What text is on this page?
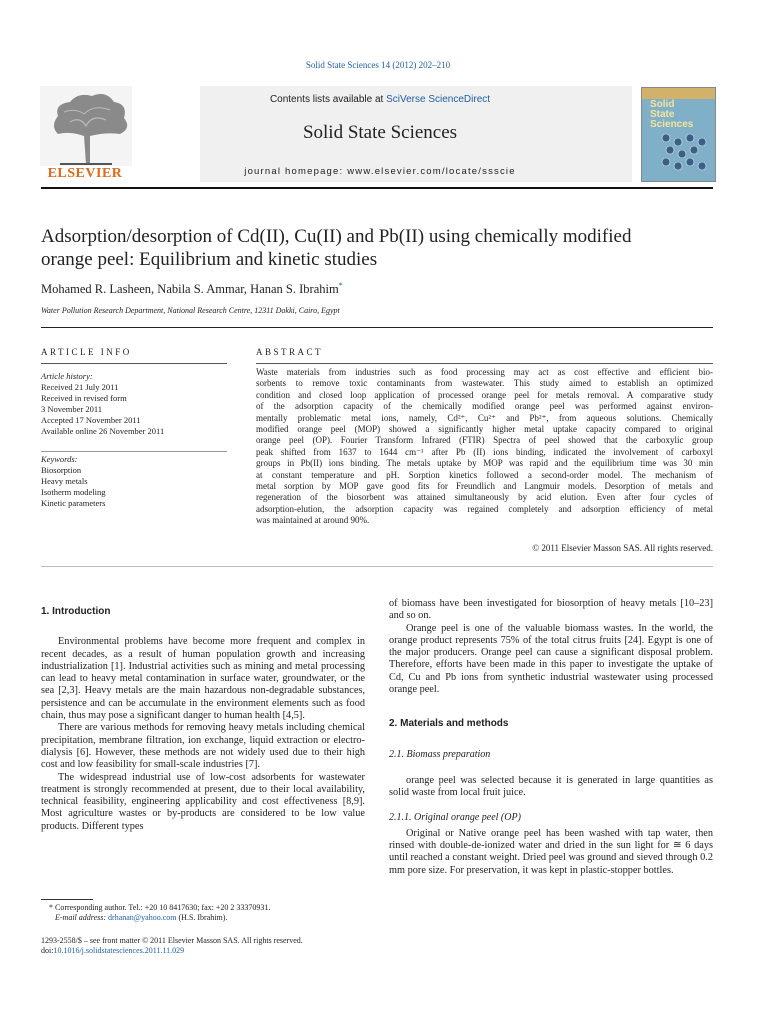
Solid State Sciences 14 (2012) 202–210
ELSEVIER
Contents lists available at SciVerse ScienceDirect
Solid State Sciences
journal homepage: www.elsevier.com/locate/ssscie
Solid
State
Sciences
Adsorption/desorption of Cd(II), Cu(II) and Pb(II) using chemically modified
orange peel: Equilibrium and kinetic studies
Mohamed R. Lasheen, Nabila S. Ammar, Hanan S. Ibrahim*
Water Pollution Research Department, National Research Centre, 12311 Dokki, Cairo, Egypt
ARTICLE INFO
Article history:
Received 21 July 2011
Received in revised form
3 November 2011
Accepted 17 November 2011
Available online 26 November 2011
Keywords:
Biosorption
Heavy metals
Isotherm modeling
Kinetic parameters
ABSTRACT
Waste materials from industries such as food processing may act as cost effective and efficient bio-
sorbents to remove toxic contaminants from wastewater. This study aimed to establish an optimized
condition and closed loop application of processed orange peel for metals removal. A comparative study
of the adsorption capacity of the chemically modified orange peel was performed against environ-
mentally problematic metal ions, namely, Cd²⁺, Cu²⁺ and Pb²⁺, from aqueous solutions. Chemically
modified orange peel (MOP) showed a significantly higher metal uptake capacity compared to original
orange peel (OP). Fourier Transform Infrared (FTIR) Spectra of peel showed that the carboxylic group
peak shifted from 1637 to 1644 cm⁻¹ after Pb (II) ions binding, indicated the involvement of carboxyl
groups in Pb(II) ions binding. The metals uptake by MOP was rapid and the equilibrium time was 30 min
at constant temperature and pH. Sorption kinetics followed a second-order model. The mechanism of
metal sorption by MOP gave good fits for Freundlich and Langmuir models. Desorption of metals and
regeneration of the biosorbent was attained simultaneously by acid elution. Even after four cycles of
adsorption-elution, the adsorption capacity was regained completely and adsorption efficiency of metal
was maintained at around 90%.
© 2011 Elsevier Masson SAS. All rights reserved.
1. Introduction

Environmental problems have become more frequent and complex in recent decades, as a result of human population growth and increasing industrialization [1]. Industrial activities such as mining and metal processing can lead to heavy metal contamination in surface water, groundwater, or the sea [2,3]. Heavy metals are the main hazardous non-degradable substances, persistence and can be accumulate in the environment elements such as food chain, thus may pose a significant danger to human health [4,5].

There are various methods for removing heavy metals including chemical precipitation, membrane filtration, ion exchange, liquid extraction or electro-dialysis [6]. However, these methods are not widely used due to their high cost and low feasibility for small-scale industries [7].

The widespread industrial use of low-cost adsorbents for wastewater treatment is strongly recommended at present, due to their local availability, technical feasibility, engineering applicability and cost effectiveness [8,9]. Most agriculture wastes or by-products are considered to be low value products. Different types

of biomass have been investigated for biosorption of heavy metals [10–23] and so on.

Orange peel is one of the valuable biomass wastes. In the world, the orange product represents 75% of the total citrus fruits [24]. Egypt is one of the major producers. Orange peel can cause a significant disposal problem. Therefore, efforts have been made in this paper to investigate the uptake of Cd, Cu and Pb ions from synthetic industrial wastewater using processed orange peel.

2. Materials and methods
2.1. Biomass preparation

orange peel was selected because it is generated in large quantities as solid waste from local fruit juice.

2.1.1. Original orange peel (OP)

Original or Native orange peel has been washed with tap water, then rinsed with double-de-ionized water and dried in the sun light for ≅ 6 days until reached a constant weight. Dried peel was ground and sieved through 0.2 mm pore size. For preservation, it was kept in plastic-stopper bottles.

* Corresponding author. Tel.: +20 10 8417630; fax: +20 2 33370931.
E-mail address: drhanan@yahoo.com (H.S. Ibrahim).
1293-2558/$ – see front matter © 2011 Elsevier Masson SAS. All rights reserved.
doi:10.1016/j.solidstatesciences.2011.11.029
